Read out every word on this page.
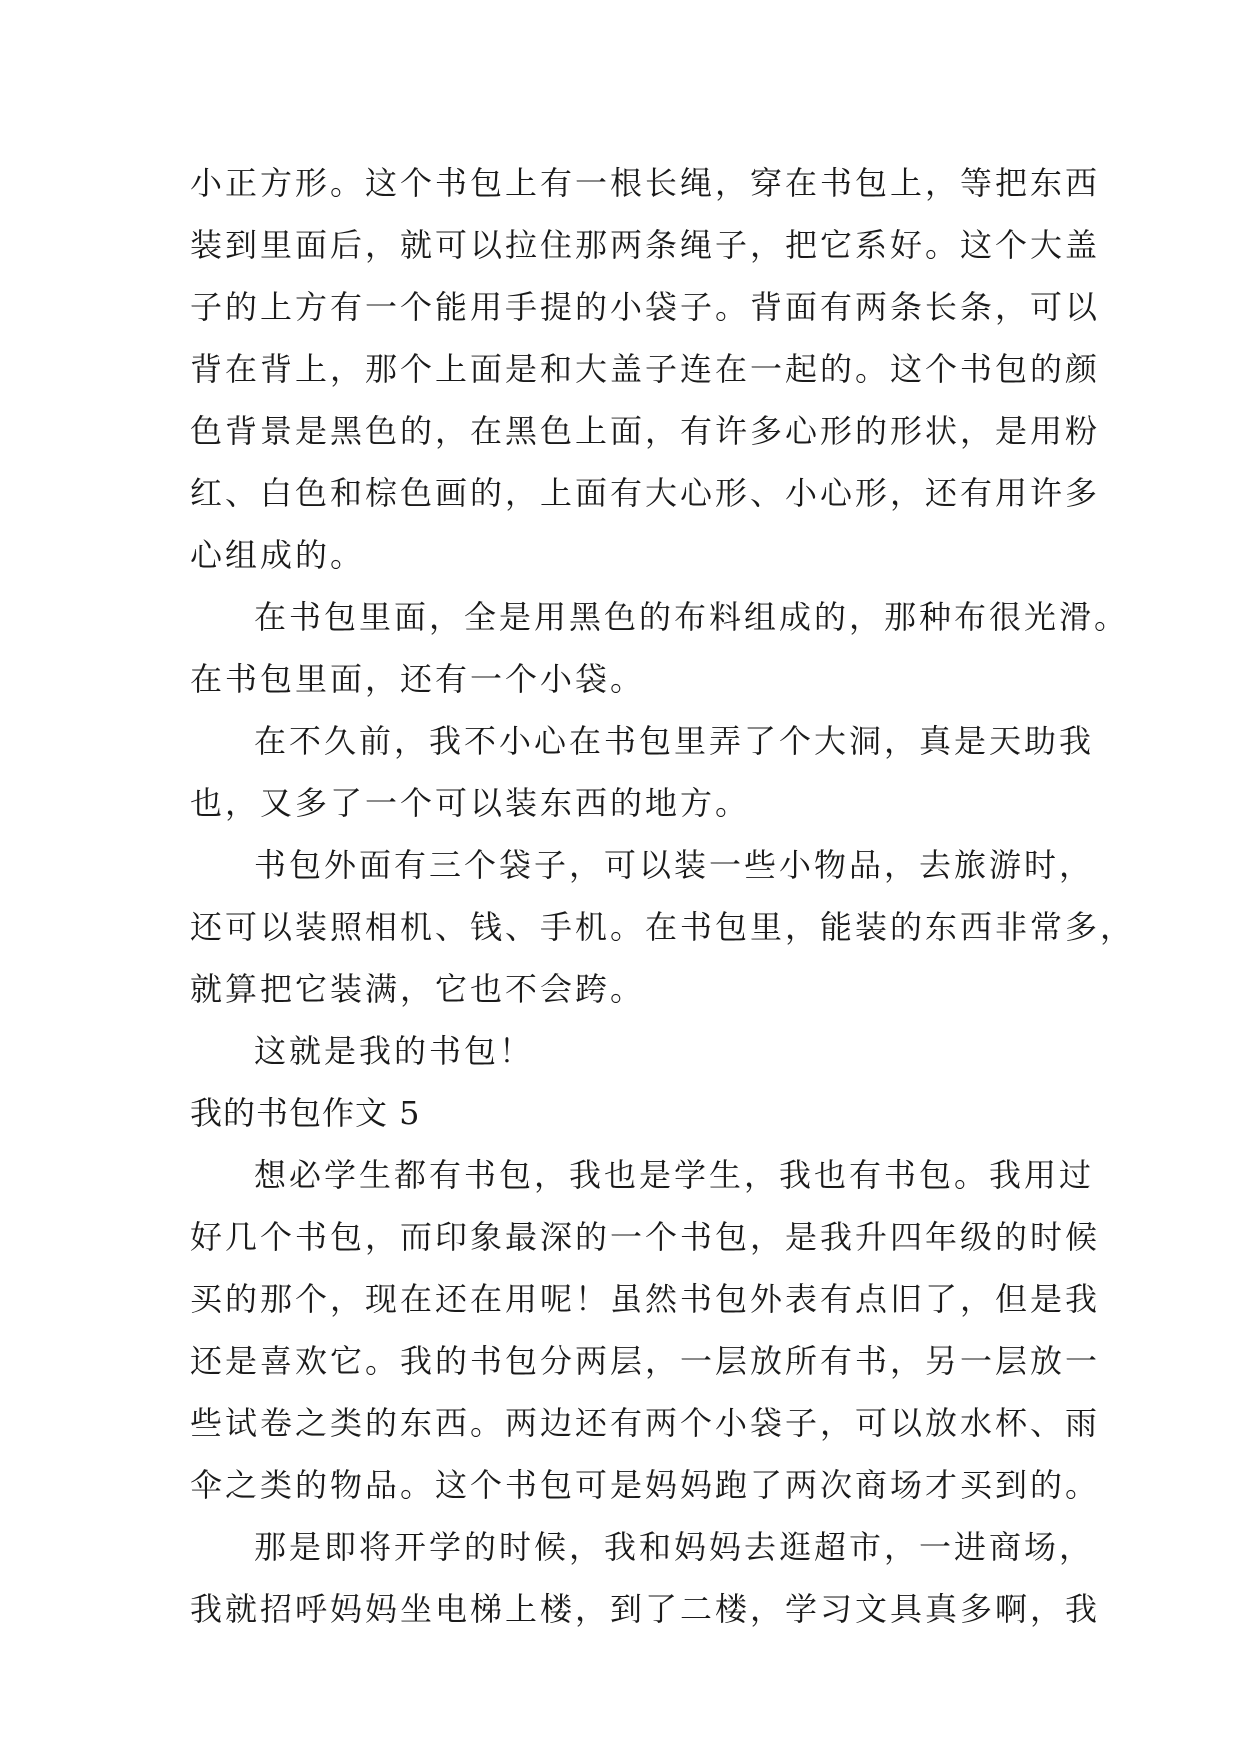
小正方形。这个书包上有一根长绳，穿在书包上，等把东西
装到里面后，就可以拉住那两条绳子，把它系好。这个大盖
子的上方有一个能用手提的小袋子。背面有两条长条，可以
背在背上，那个上面是和大盖子连在一起的。这个书包的颜
色背景是黑色的，在黑色上面，有许多心形的形状，是用粉
红、白色和棕色画的，上面有大心形、小心形，还有用许多
心组成的。
在书包里面，全是用黑色的布料组成的，那种布很光滑。
在书包里面，还有一个小袋。
在不久前，我不小心在书包里弄了个大洞，真是天助我
也，又多了一个可以装东西的地方。
书包外面有三个袋子，可以装一些小物品，去旅游时，
还可以装照相机、钱、手机。在书包里，能装的东西非常多，
就算把它装满，它也不会跨。
这就是我的书包！
我的书包作文 5
想必学生都有书包，我也是学生，我也有书包。我用过
好几个书包，而印象最深的一个书包，是我升四年级的时候
买的那个，现在还在用呢！虽然书包外表有点旧了，但是我
还是喜欢它。我的书包分两层，一层放所有书，另一层放一
些试卷之类的东西。两边还有两个小袋子，可以放水杯、雨
伞之类的物品。这个书包可是妈妈跑了两次商场才买到的。
那是即将开学的时候，我和妈妈去逛超市，一进商场，
我就招呼妈妈坐电梯上楼，到了二楼，学习文具真多啊，我
